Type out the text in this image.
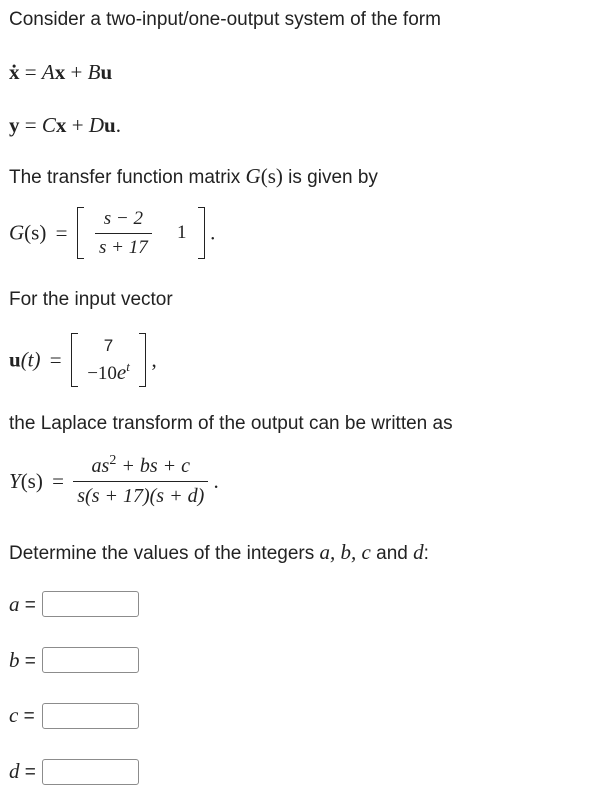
Consider a two-input/one-output system of the form
ẋ = Ax + Bu
y = Cx + Du.
The transfer function matrix G(s) is given by
$G(s) = \frac{s - 2}{s + 17} 1$ .
For the input vector
u(t) =
7
$-10e^t$ ,
the Laplace transform of the output can be written as
$Y(s) = \frac{as^2 + bs + c}{s(s + 17)(s + d)}$ .
Determine the values of the integers a, b, c and d:
a =
b =
c =
d =
